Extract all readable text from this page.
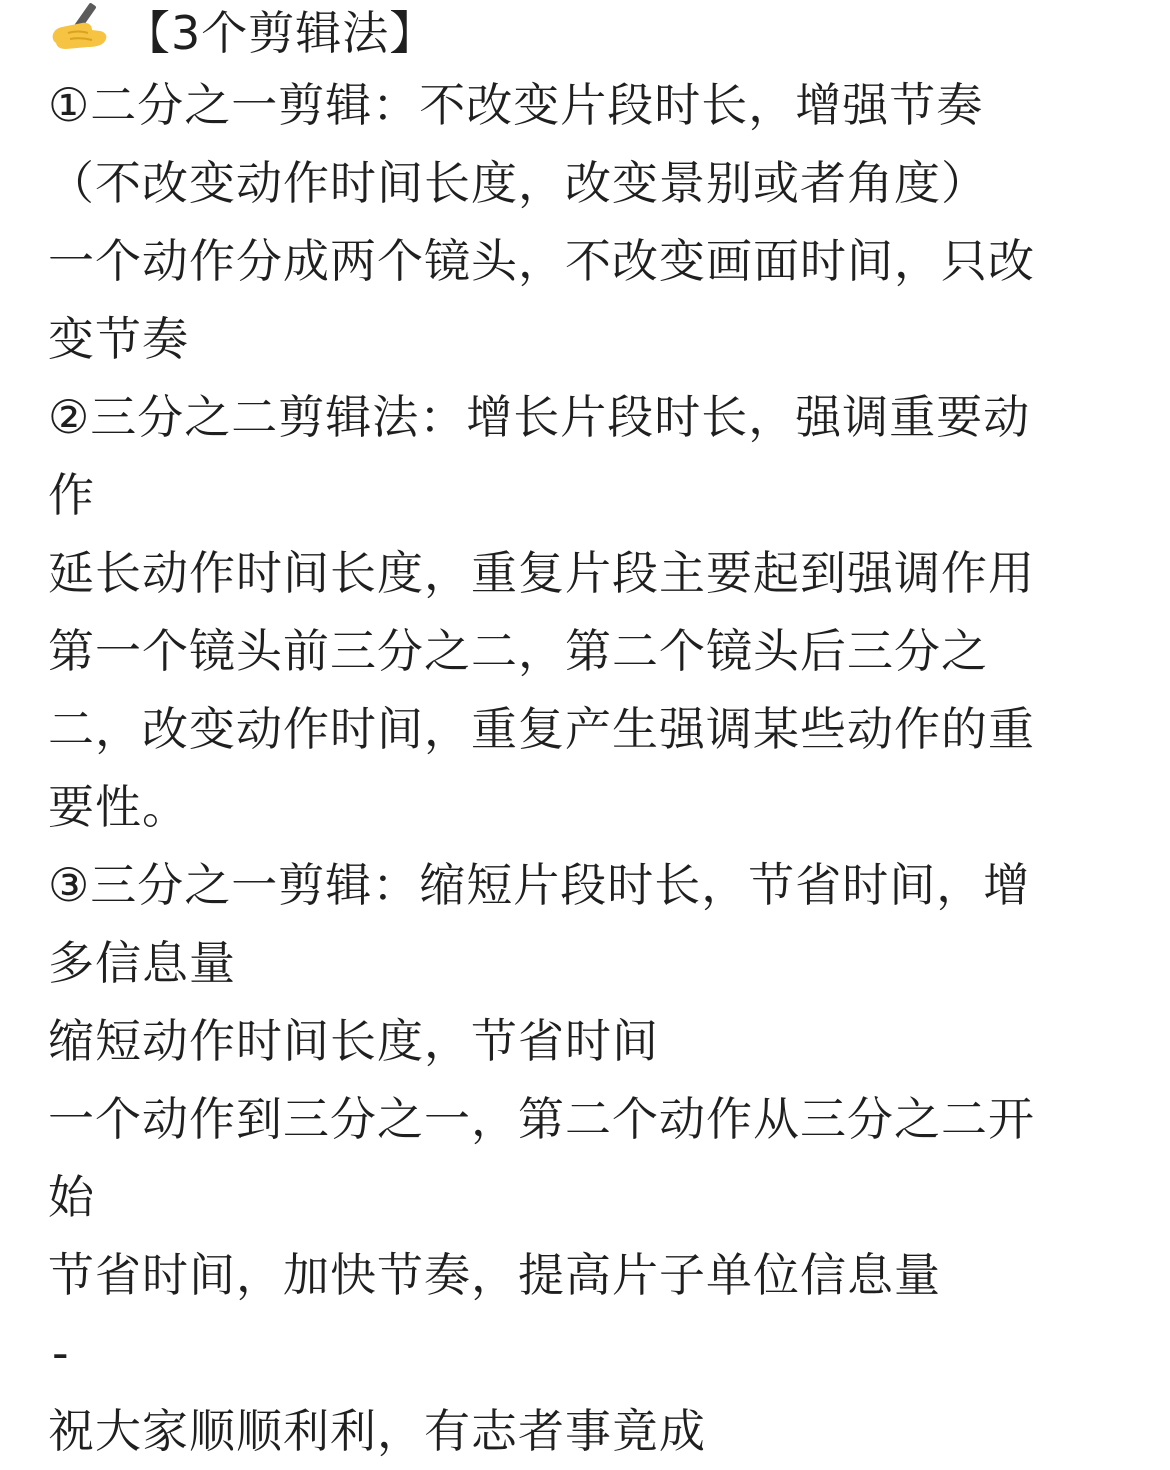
【3个剪辑法】
①二分之一剪辑：不改变片段时长，增强节奏
（不改变动作时间长度，改变景别或者角度）
一个动作分成两个镜头，不改变画面时间，只改
变节奏
②三分之二剪辑法：增长片段时长，强调重要动
作
延长动作时间长度，重复片段主要起到强调作用
第一个镜头前三分之二，第二个镜头后三分之
二，改变动作时间，重复产生强调某些动作的重
要性。
③三分之一剪辑：缩短片段时长，节省时间，增
多信息量
缩短动作时间长度，节省时间
一个动作到三分之一，第二个动作从三分之二开
始
节省时间，加快节奏，提高片子单位信息量
-
祝大家顺顺利利，有志者事竟成
